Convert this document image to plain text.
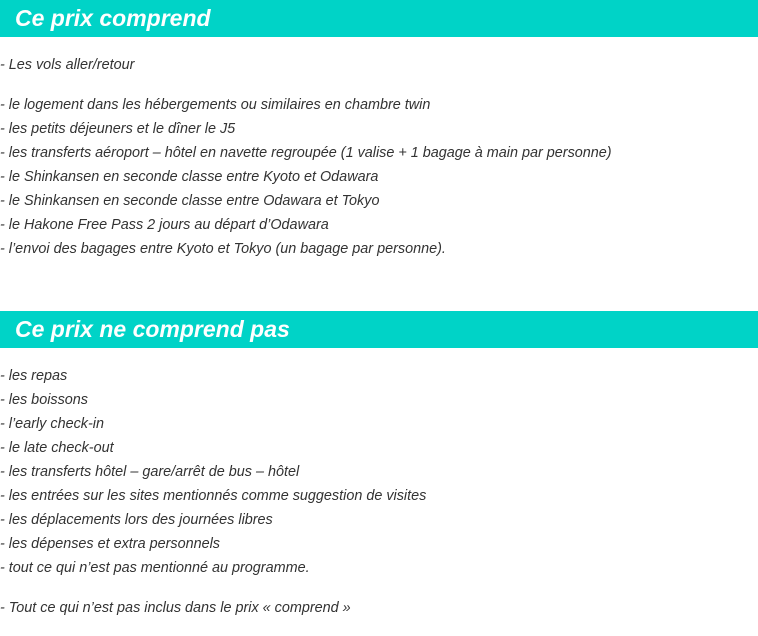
Ce prix comprend

- Les vols aller/retour

- le logement dans les hébergements ou similaires en chambre twin

- les petits déjeuners et le dîner le J5

- les transferts aéroport – hôtel en navette regroupée (1 valise + 1 bagage à main par personne)

- le Shinkansen en seconde classe entre Kyoto et Odawara

- le Shinkansen en seconde classe entre Odawara et Tokyo

- le Hakone Free Pass 2 jours au départ d’Odawara

- l’envoi des bagages entre Kyoto et Tokyo (un bagage par personne).

Ce prix ne comprend pas

- les repas

- les boissons

- l’early check-in

- le late check-out

- les transferts hôtel – gare/arrêt de bus – hôtel

- les entrées sur les sites mentionnés comme suggestion de visites

- les déplacements lors des journées libres

- les dépenses et extra personnels

- tout ce qui n’est pas mentionné au programme.

- Tout ce qui n’est pas inclus dans le prix « comprend »
